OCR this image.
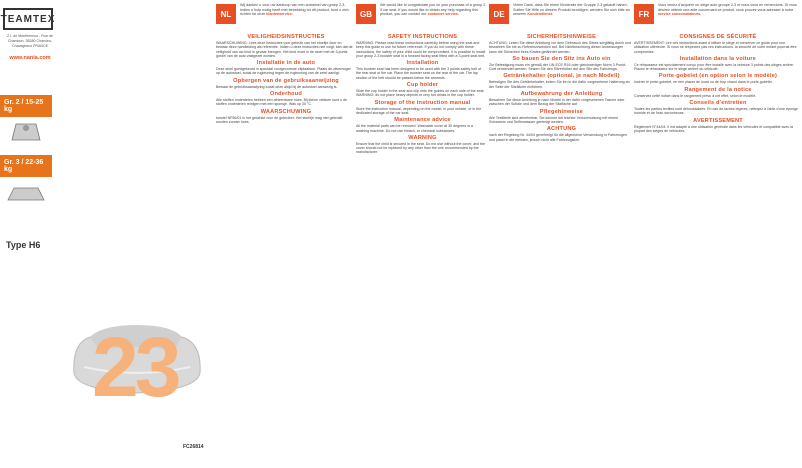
TEAMTEX
Z.I. de Monthermoz - Rue de Chambon, 38280 Charvieu-Chavagneux FRANCE
www.nania.com
Gr. 2 / 15-25 kg
Gr. 3 / 22-36 kg
Type H6
23
FC26814
NL
Wij danken u voor uw aankoop van een autostoel van groep 2-3. Indien u hulp nodig heeft met betrekking tot dit product, kunt u zich richten tot onze klantenservice.
VEILIGHEIDSINSTRUCTIES
WAARSCHUWING: Lees deze instructies voor gebruik van het stoeltje door en bewaar deze handleiding als referentie. Indien u deze instructies niet volgt, kan dat de veiligheid van uw kind in gevaar brengen. Het kind moet in de stoel met de 3-punts gordel van de auto vastgezet worden.
Installatie in de auto
Deze stoel goedgekeurd in speciaal voorgevormde zitplaatsen. Plaats de zitverhoger op de autostoel, zodat de rugleuning tegen de rugleuning van de zetel aanligt.
Opbergen van de gebruiksaanwijzing
Bewaar de gebruiksaanwijzing zodat deze altijd bij de autostoel aanwezig is.
Onderhoud
Alle stoffen onderdelen hebben een afneembare hoes. Bij kleine vlekken kunt u de stoffen onderdelen reinigen met een sponsje. Was op 30 °C.
WAARSCHUWING
toestel NF56/01 is het geschikt voor de gebruiker. Het stoeltje mag niet gebruikt worden zonder hoes.
GB
We would like to congratulate you on your purchase of a group 2-3 car seat. If you would like to obtain any help regarding this product, you can contact our customer service.
SAFETY INSTRUCTIONS
WARNING: Please read these instructions carefully before using the seat and keep this guide to use for future reference. If you do not comply with these instructions, the safety of your child could be compromised. It is possible to install your group 2-3 booster seat in a forward facing seat fitted with a 3-point seat belt.
Installation
This booster seat has been designed to be used with the 3 points safety belt of the rear seat of the car. Place the booster seat on the rear of the car. The lap section of the belt should be passed below the armrests.
Cup holder
Slide the cup holder in the seat and clip onto the guides on each side of the seat. WARNING: do not place heavy objects or very hot drinks in the cup holder.
Storage of the instruction manual
Store the instruction manual, depending on the model, in your vehicle, or in the dedicated storage of the car seat.
Maintenance advice
All the material parts can be removed. Washable cover at 30 degrees in a washing machine. Do not use bleach, or chemical substances.
WARNING
Ensure that the child is secured in the seat. Do not use without the cover, and the cover should not be replaced by any other than the one recommended by the manufacturer.
DE
Vielen Dank, dass Sie einen Kindersitz der Gruppe 2-3 gekauft haben. Sollten Sie Hilfe zu diesem Produkt benötigen, wenden Sie sich bitte an unseren Kundendienst.
SICHERHEITSHINWEISE
ACHTUNG: Lesen Sie diese Anleitung vor dem Gebrauch des Sitzes sorgfältig durch und bewahren Sie sie zu Referenzzwecken auf. Bei Nichtbeachtung dieser Anweisungen kann die Sicherheit Ihres Kindes gefährdet werden.
So bauen Sie den Sitz ins Auto ein
Zur Befestigung muss ein gemäß der UN-ECE R16 oder gleichwertiger Norm 3-Punkt-Gurt verwendet werden. Setzen Sie den Sitzerhöher auf den Sitz des Fahrzeugs.
Getränkehalter (optional, je nach Modell)
Befestigen Sie den Getränkehalter, indem Sie ihn in die dafür vorgesehene Halterung an der Seite der Sitzfläche einführen.
Aufbewahrung der Anleitung
Bewahren Sie diese Anleitung je nach Modell in der dafür vorgesehenen Tasche oder zwischen der Schale und dem Bezug der Sitzfläche auf.
Pflegehinweise
Alle Textilteile sind abnehmbar. Sie können bei leichter Verschmutzung mit einem Schwamm und Seifenwasser gereinigt werden.
ACHTUNG
nach der Regelung Nr. 44/04 genehmigt für die allgemeine Verwendung in Fahrzeugen und passt in die meisten, jedoch nicht alle Fahrzeugsitze.
FR
Vous venez d'acquérir un siège auto groupe 2-3 et nous vous en remercions. Si vous désirez obtenir une aide concernant ce produit, vous pouvez vous adresser à notre service consommateurs.
CONSIGNES DE SÉCURITÉ
AVERTISSEMENT: Lire ces instructions avant d'utiliser le siège et conserver ce guide pour une utilisation ultérieure. Si vous ne respectez pas ces instructions, la sécurité de votre enfant pourrait être compromise.
Installation dans la voiture
Ce réhausseur est spécialement conçu pour être installé avec la ceinture 3 points des sièges arrière. Placez le réhausseur sur le siège arrière du véhicule.
Porte-gobelet (en option selon le modèle)
Insérer le porte-gobelet, ne rien placer de lourd ou de trop chaud dans le porte-gobelet.
Rangement de la notice
Conservez cette notice dans le rangement prévu à cet effet, selon le modèle.
Conseils d'entretien
Toutes les parties textiles sont déhoussables. En cas de taches légères, nettoyez à l'aide d'une éponge humide et de l'eau savonneuse.
AVERTISSEMENT
Règlement N°44/04. Il est adapté à une utilisation générale dans les véhicules et compatible avec la plupart des sièges de véhicules.
